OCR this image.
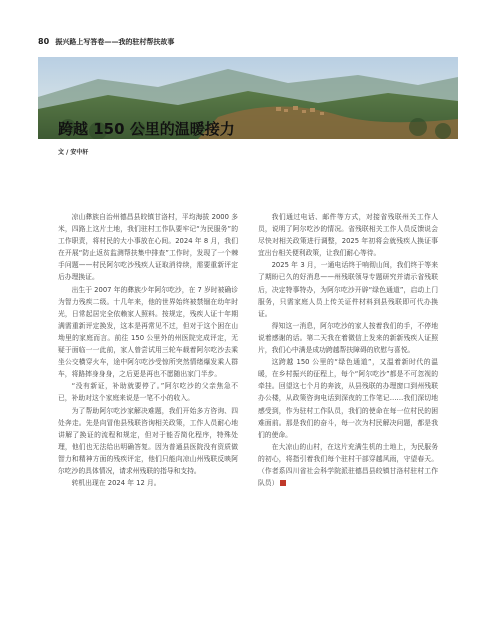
80 振兴路上写答卷——我的驻村帮扶故事
跨越 150 公里的温暖接力
文 / 安中轩

凉山彝族自治州德昌县皎镇甘洛村，平均海拔 2000 多米，四路上这片土地，我们驻村工作队要牢记“为民服务”的工作职责，将村民的大小事放在心间。2024 年 8 月，我们在开展“防止返贫监测帮扶集中排查”工作时，发现了一个棘手问题——村民阿尔吃沙残疾人证取消待续，需要重新评定后办理换证。

出生于 2007 年的彝族少年阿尔吃沙，在 7 岁时被确诊为智力残疾二级。十几年来，他的世界始终被禁锢在幼年时光，日常起居完全依赖家人照料。按规定，残疾人证十年期满需重新评定换发，这本是再常见不过，但对于这个困在山坳里的家庭而言。前往 150 公里外的州医院完成评定，无疑于面临一一此前，家人曾尝试用三轮车载着阿尔吃沙去乘坐公交横穿火车，途中阿尔吃沙受惊所突然情绪爆发乘人群车，将路摔身身身，之后更是再也不愿随出家门半步。

“没有新证，补助就要停了。”阿尔吃沙的父亲焦急不已，补助对这个家庭来说是一笔不小的收入。

为了帮助阿尔吃沙家解决难题，我们开始多方咨询、四处奔走。先是向冒他县残联咨询相关政策，工作人员耐心地讲解了换证的流程和规定，但对于能否简化程序，特殊处理，他们也无法给出明确答复。因为普通县医院没有资质做智力和精神方面的残疾评定，他们只能向凉山州残联反映阿尔吃沙的具体情况，请求州残联的指导和支持。

转机出现在 2024 年 12 月。

我们通过电话、邮件等方式，对接省残联州关工作人员，说明了阿尔吃沙的情况。省残联相关工作人员反馈说会尽快对相关政策进行调整，2025 年初将会就残疾人换证事宜出台相关便利政策，让我们耐心等待。

2025 年 3 月，一通电话终于响彻山间，我们终于等来了期盼已久的好消息——州残联领导专题研究并请示省残联后，决定特事特办，为阿尔吃沙开辟“绿色通道”，启动上门服务，只需家庭人员上传关证件材料到县残联即可代办换证。

得知这一消息，阿尔吃沙的家人按着我们的手，不停地说着感谢的话。第二天我在着微信上发来的新新残疾人证照片，我们心中满是成功跨越帮扶障碍的欣慰与喜悦。

这跨越 150 公里的“绿色通道”，又温着新时代的温暖，在乡村振兴的征程上，每个“阿尔吃沙”都是不可忽视的牵挂。回望这七个月的奔波，从县残联的办理窗口到州残联办公楼，从政策咨询电话到深夜的工作笔记……我们深切地感受到，作为驻村工作队员，我们的使命在每一位村民的困难面前。那是我们的奋斗，每一次为村民解决问题，都是我们的使命。

在大凉山的山村，在这片充满生机的土地上，为民服务的初心，将指引着我们每个驻村干部穿越风雨，守望春天。（作者系四川省社会科学院派驻德昌县皎镇甘洛村驻村工作队员）
